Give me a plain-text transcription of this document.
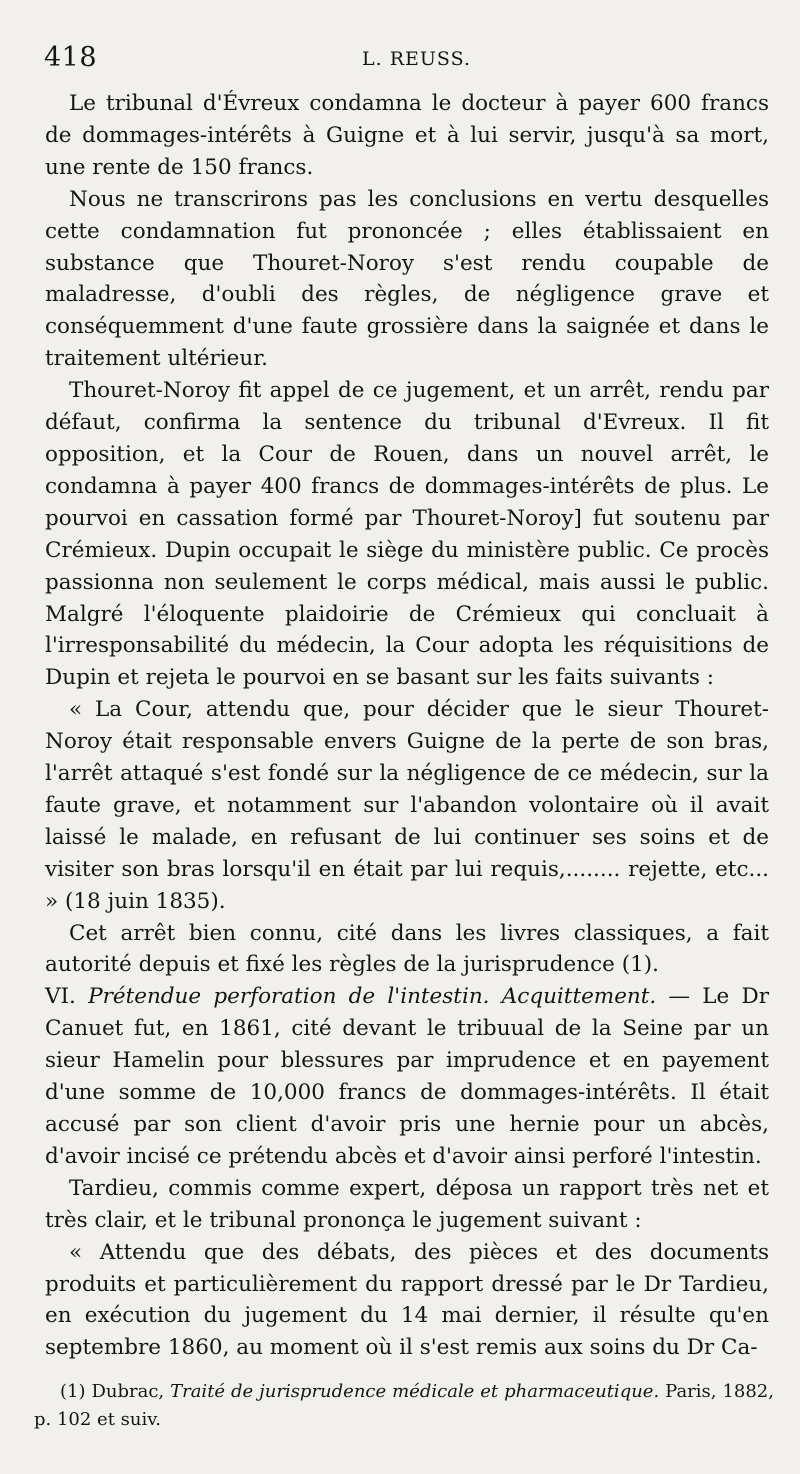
418	L. REUSS.

Le tribunal d'Évreux condamna le docteur à payer 600 francs de dommages-intérêts à Guigne et à lui servir, jusqu'à sa mort, une rente de 150 francs.

Nous ne transcrirons pas les conclusions en vertu desquelles cette condamnation fut prononcée ; elles établissaient en substance que Thouret-Noroy s'est rendu coupable de maladresse, d'oubli des règles, de négligence grave et conséquemment d'une faute grossière dans la saignée et dans le traitement ultérieur.

Thouret-Noroy fit appel de ce jugement, et un arrêt, rendu par défaut, confirma la sentence du tribunal d'Evreux. Il fit opposition, et la Cour de Rouen, dans un nouvel arrêt, le condamna à payer 400 francs de dommages-intérêts de plus. Le pourvoi en cassation formé par Thouret-Noroy] fut soutenu par Crémieux. Dupin occupait le siège du ministère public. Ce procès passionna non seulement le corps médical, mais aussi le public. Malgré l'éloquente plaidoirie de Crémieux qui concluait à l'irresponsabilité du médecin, la Cour adopta les réquisitions de Dupin et rejeta le pourvoi en se basant sur les faits suivants :

« La Cour, attendu que, pour décider que le sieur Thouret-Noroy était responsable envers Guigne de la perte de son bras, l'arrêt attaqué s'est fondé sur la négligence de ce médecin, sur la faute grave, et notamment sur l'abandon volontaire où il avait laissé le malade, en refusant de lui continuer ses soins et de visiter son bras lorsqu'il en était par lui requis,........ rejette, etc... » (18 juin 1835).

Cet arrêt bien connu, cité dans les livres classiques, a fait autorité depuis et fixé les règles de la jurisprudence (1).

VI. Prétendue perforation de l'intestin. Acquittement. — Le Dr Canuet fut, en 1861, cité devant le tribuual de la Seine par un sieur Hamelin pour blessures par imprudence et en payement d'une somme de 10,000 francs de dommages-intérêts. Il était accusé par son client d'avoir pris une hernie pour un abcès, d'avoir incisé ce prétendu abcès et d'avoir ainsi perforé l'intestin.

Tardieu, commis comme expert, déposa un rapport très net et très clair, et le tribunal prononça le jugement suivant :

« Attendu que des débats, des pièces et des documents produits et particulièrement du rapport dressé par le Dr Tardieu, en exécution du jugement du 14 mai dernier, il résulte qu'en septembre 1860, au moment où il s'est remis aux soins du Dr Ca-

(1) Dubrac, Traité de jurisprudence médicale et pharmaceutique. Paris, 1882, p. 102 et suiv.
